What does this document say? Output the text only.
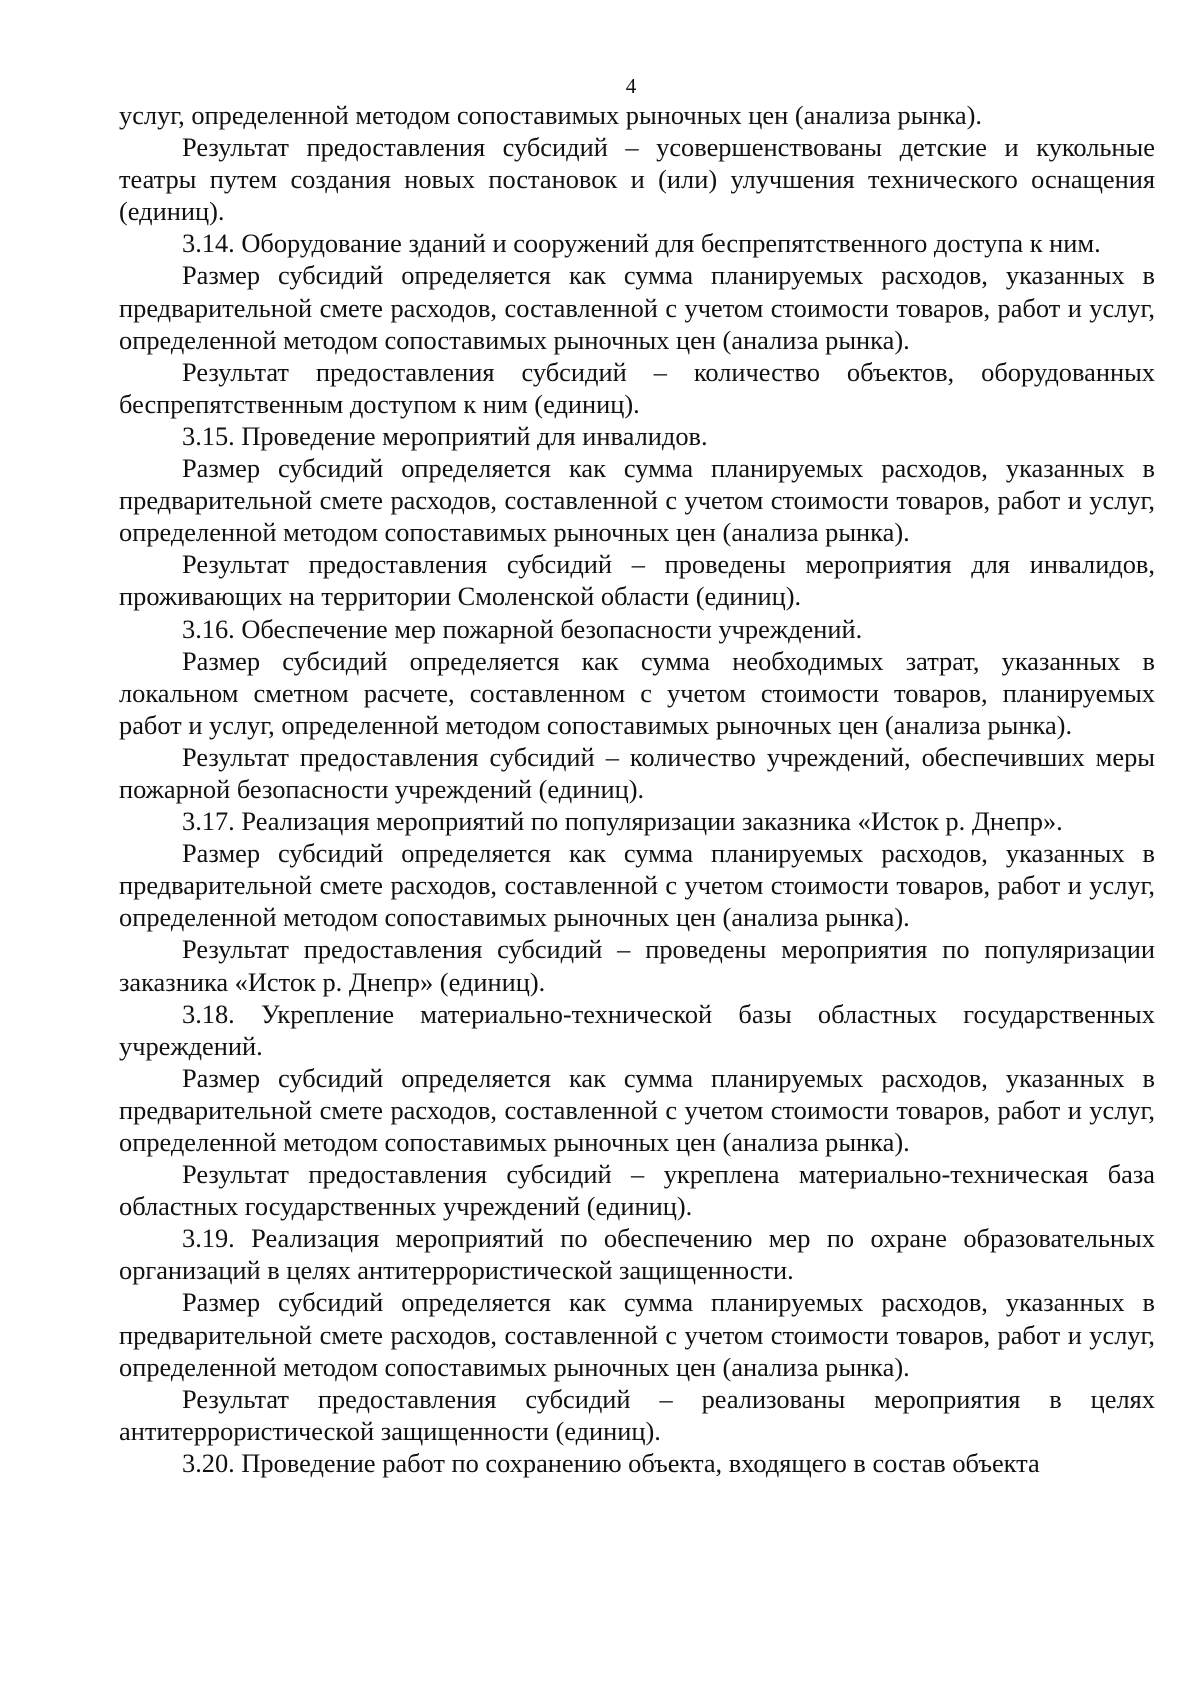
4

услуг, определенной методом сопоставимых рыночных цен (анализа рынка).

Результат предоставления субсидий – усовершенствованы детские и кукольные театры путем создания новых постановок и (или) улучшения технического оснащения (единиц).

3.14. Оборудование зданий и сооружений для беспрепятственного доступа к ним.

Размер субсидий определяется как сумма планируемых расходов, указанных в предварительной смете расходов, составленной с учетом стоимости товаров, работ и услуг, определенной методом сопоставимых рыночных цен (анализа рынка).

Результат предоставления субсидий – количество объектов, оборудованных беспрепятственным доступом к ним (единиц).

3.15. Проведение мероприятий для инвалидов.

Размер субсидий определяется как сумма планируемых расходов, указанных в предварительной смете расходов, составленной с учетом стоимости товаров, работ и услуг, определенной методом сопоставимых рыночных цен (анализа рынка).

Результат предоставления субсидий – проведены мероприятия для инвалидов, проживающих на территории Смоленской области (единиц).

3.16. Обеспечение мер пожарной безопасности учреждений.

Размер субсидий определяется как сумма необходимых затрат, указанных в локальном сметном расчете, составленном с учетом стоимости товаров, планируемых работ и услуг, определенной методом сопоставимых рыночных цен (анализа рынка).

Результат предоставления субсидий – количество учреждений, обеспечивших меры пожарной безопасности учреждений (единиц).

3.17. Реализация мероприятий по популяризации заказника «Исток р. Днепр».

Размер субсидий определяется как сумма планируемых расходов, указанных в предварительной смете расходов, составленной с учетом стоимости товаров, работ и услуг, определенной методом сопоставимых рыночных цен (анализа рынка).

Результат предоставления субсидий – проведены мероприятия по популяризации заказника «Исток р. Днепр» (единиц).

3.18. Укрепление материально-технической базы областных государственных учреждений.

Размер субсидий определяется как сумма планируемых расходов, указанных в предварительной смете расходов, составленной с учетом стоимости товаров, работ и услуг, определенной методом сопоставимых рыночных цен (анализа рынка).

Результат предоставления субсидий – укреплена материально-техническая база областных государственных учреждений (единиц).

3.19. Реализация мероприятий по обеспечению мер по охране образовательных организаций в целях антитеррористической защищенности.

Размер субсидий определяется как сумма планируемых расходов, указанных в предварительной смете расходов, составленной с учетом стоимости товаров, работ и услуг, определенной методом сопоставимых рыночных цен (анализа рынка).

Результат предоставления субсидий – реализованы мероприятия в целях антитеррористической защищенности (единиц).

3.20. Проведение работ по сохранению объекта, входящего в состав объекта
